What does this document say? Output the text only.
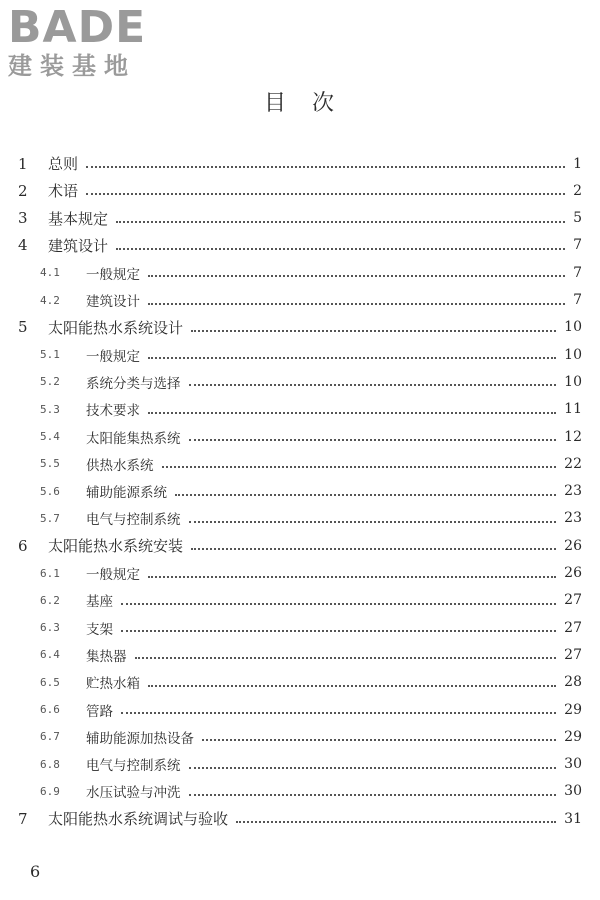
BADE
建装基地
目　次
1	总则	1
2	术语	2
3	基本规定	5
4	建筑设计	7
4.1	一般规定	7
4.2	建筑设计	7
5	太阳能热水系统设计	10
5.1	一般规定	10
5.2	系统分类与选择	10
5.3	技术要求	11
5.4	太阳能集热系统	12
5.5	供热水系统	22
5.6	辅助能源系统	23
5.7	电气与控制系统	23
6	太阳能热水系统安装	26
6.1	一般规定	26
6.2	基座	27
6.3	支架	27
6.4	集热器	27
6.5	贮热水箱	28
6.6	管路	29
6.7	辅助能源加热设备	29
6.8	电气与控制系统	30
6.9	水压试验与冲洗	30
7	太阳能热水系统调试与验收	31
6
